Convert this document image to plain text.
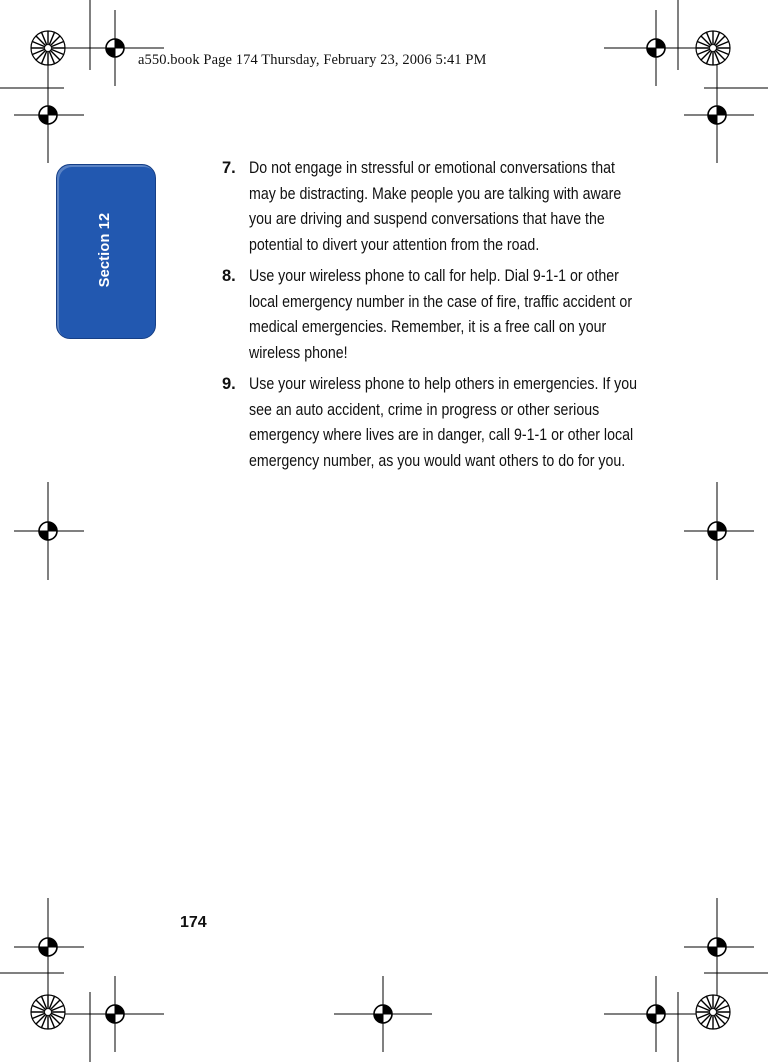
a550.book Page 174 Thursday, February 23, 2006 5:41 PM
Section 12
7. Do not engage in stressful or emotional conversations that may be distracting. Make people you are talking with aware you are driving and suspend conversations that have the potential to divert your attention from the road.
8. Use your wireless phone to call for help. Dial 9-1-1 or other local emergency number in the case of fire, traffic accident or medical emergencies. Remember, it is a free call on your wireless phone!
9. Use your wireless phone to help others in emergencies. If you see an auto accident, crime in progress or other serious emergency where lives are in danger, call 9-1-1 or other local emergency number, as you would want others to do for you.
174
